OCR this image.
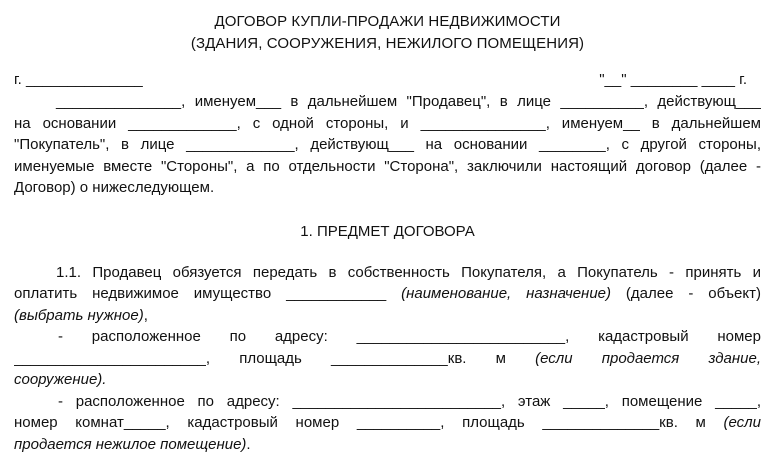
ДОГОВОР КУПЛИ-ПРОДАЖИ НЕДВИЖИМОСТИ
(ЗДАНИЯ, СООРУЖЕНИЯ, НЕЖИЛОГО ПОМЕЩЕНИЯ)
г. ______________	"__" ________ ____ г.

_______________, именуем___ в дальнейшем "Продавец", в лице __________, действующ___

на основании _____________, с одной стороны, и _______________, именуем__ в дальнейшем

"Покупатель", в лице _____________, действующ___ на основании ________, с другой стороны,

именуемые вместе "Стороны", а по отдельности "Сторона", заключили настоящий договор (далее -

Договор) о нижеследующем.

1. ПРЕДМЕТ ДОГОВОРА

1.1. Продавец обязуется передать в собственность Покупателя, а Покупатель - принять и

оплатить недвижимое имущество ____________ (наименование, назначение) (далее - объект)

(выбрать нужное),

- расположенное по адресу: _________________________, кадастровый номер

_______________________, площадь ______________кв. м (если продается здание,

сооружение).

- расположенное по адресу: _________________________, этаж _____, помещение _____,

номер комнат_____, кадастровый номер __________, площадь ______________кв. м (если

продается нежилое помещение).
